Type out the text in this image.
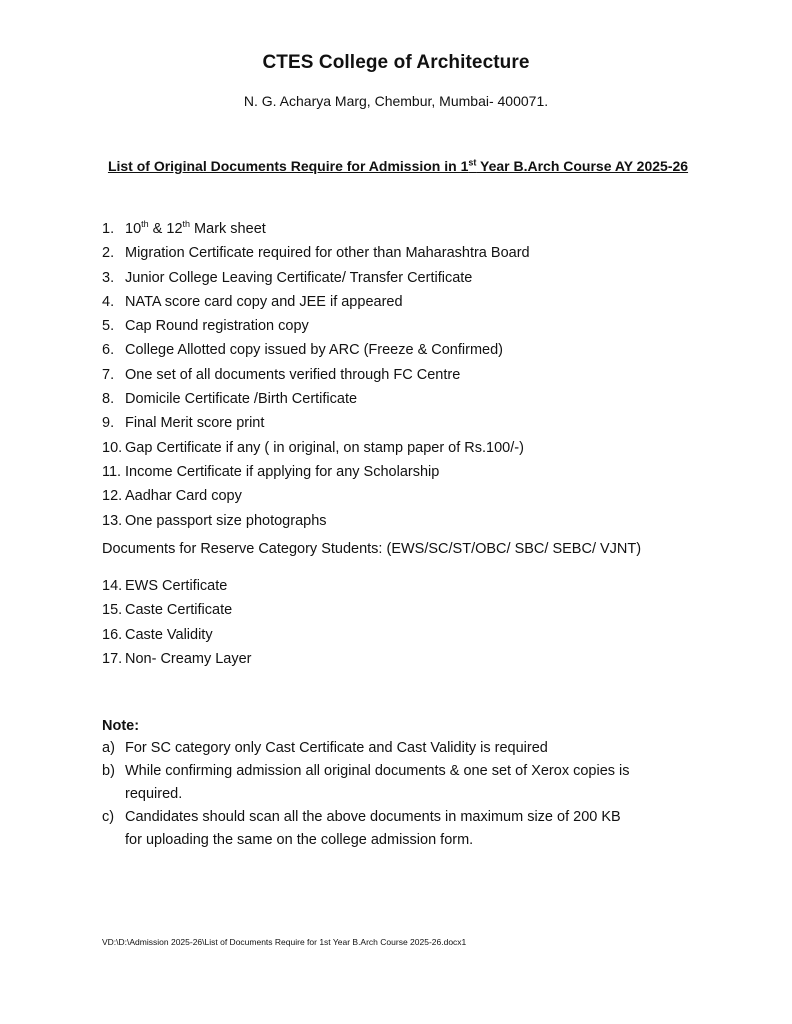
CTES College of Architecture
N. G. Acharya Marg, Chembur, Mumbai- 400071.
List of Original Documents Require for Admission in 1st Year B.Arch Course AY 2025-26
1. 10th & 12th Mark sheet
2. Migration Certificate required for other than Maharashtra Board
3. Junior College Leaving Certificate/ Transfer Certificate
4. NATA score card copy and JEE if appeared
5. Cap Round registration copy
6. College Allotted copy issued by ARC (Freeze & Confirmed)
7. One set of all documents verified through FC Centre
8. Domicile Certificate /Birth Certificate
9. Final Merit score print
10. Gap Certificate if any ( in original, on stamp paper of Rs.100/-)
11. Income Certificate if applying for any Scholarship
12. Aadhar Card copy
13. One passport size photographs
Documents for Reserve Category Students: (EWS/SC/ST/OBC/ SBC/ SEBC/ VJNT)
14. EWS Certificate
15. Caste Certificate
16. Caste Validity
17. Non- Creamy Layer
Note:
a) For SC category only Cast Certificate and Cast Validity is required
b) While confirming admission all original documents & one set of Xerox copies is
required.
c) Candidates should scan all the above documents in maximum size of 200 KB
for uploading the same on the college admission form.
VD:\D:\Admission 2025-26\List of Documents Require for 1st Year B.Arch Course 2025-26.docx1
